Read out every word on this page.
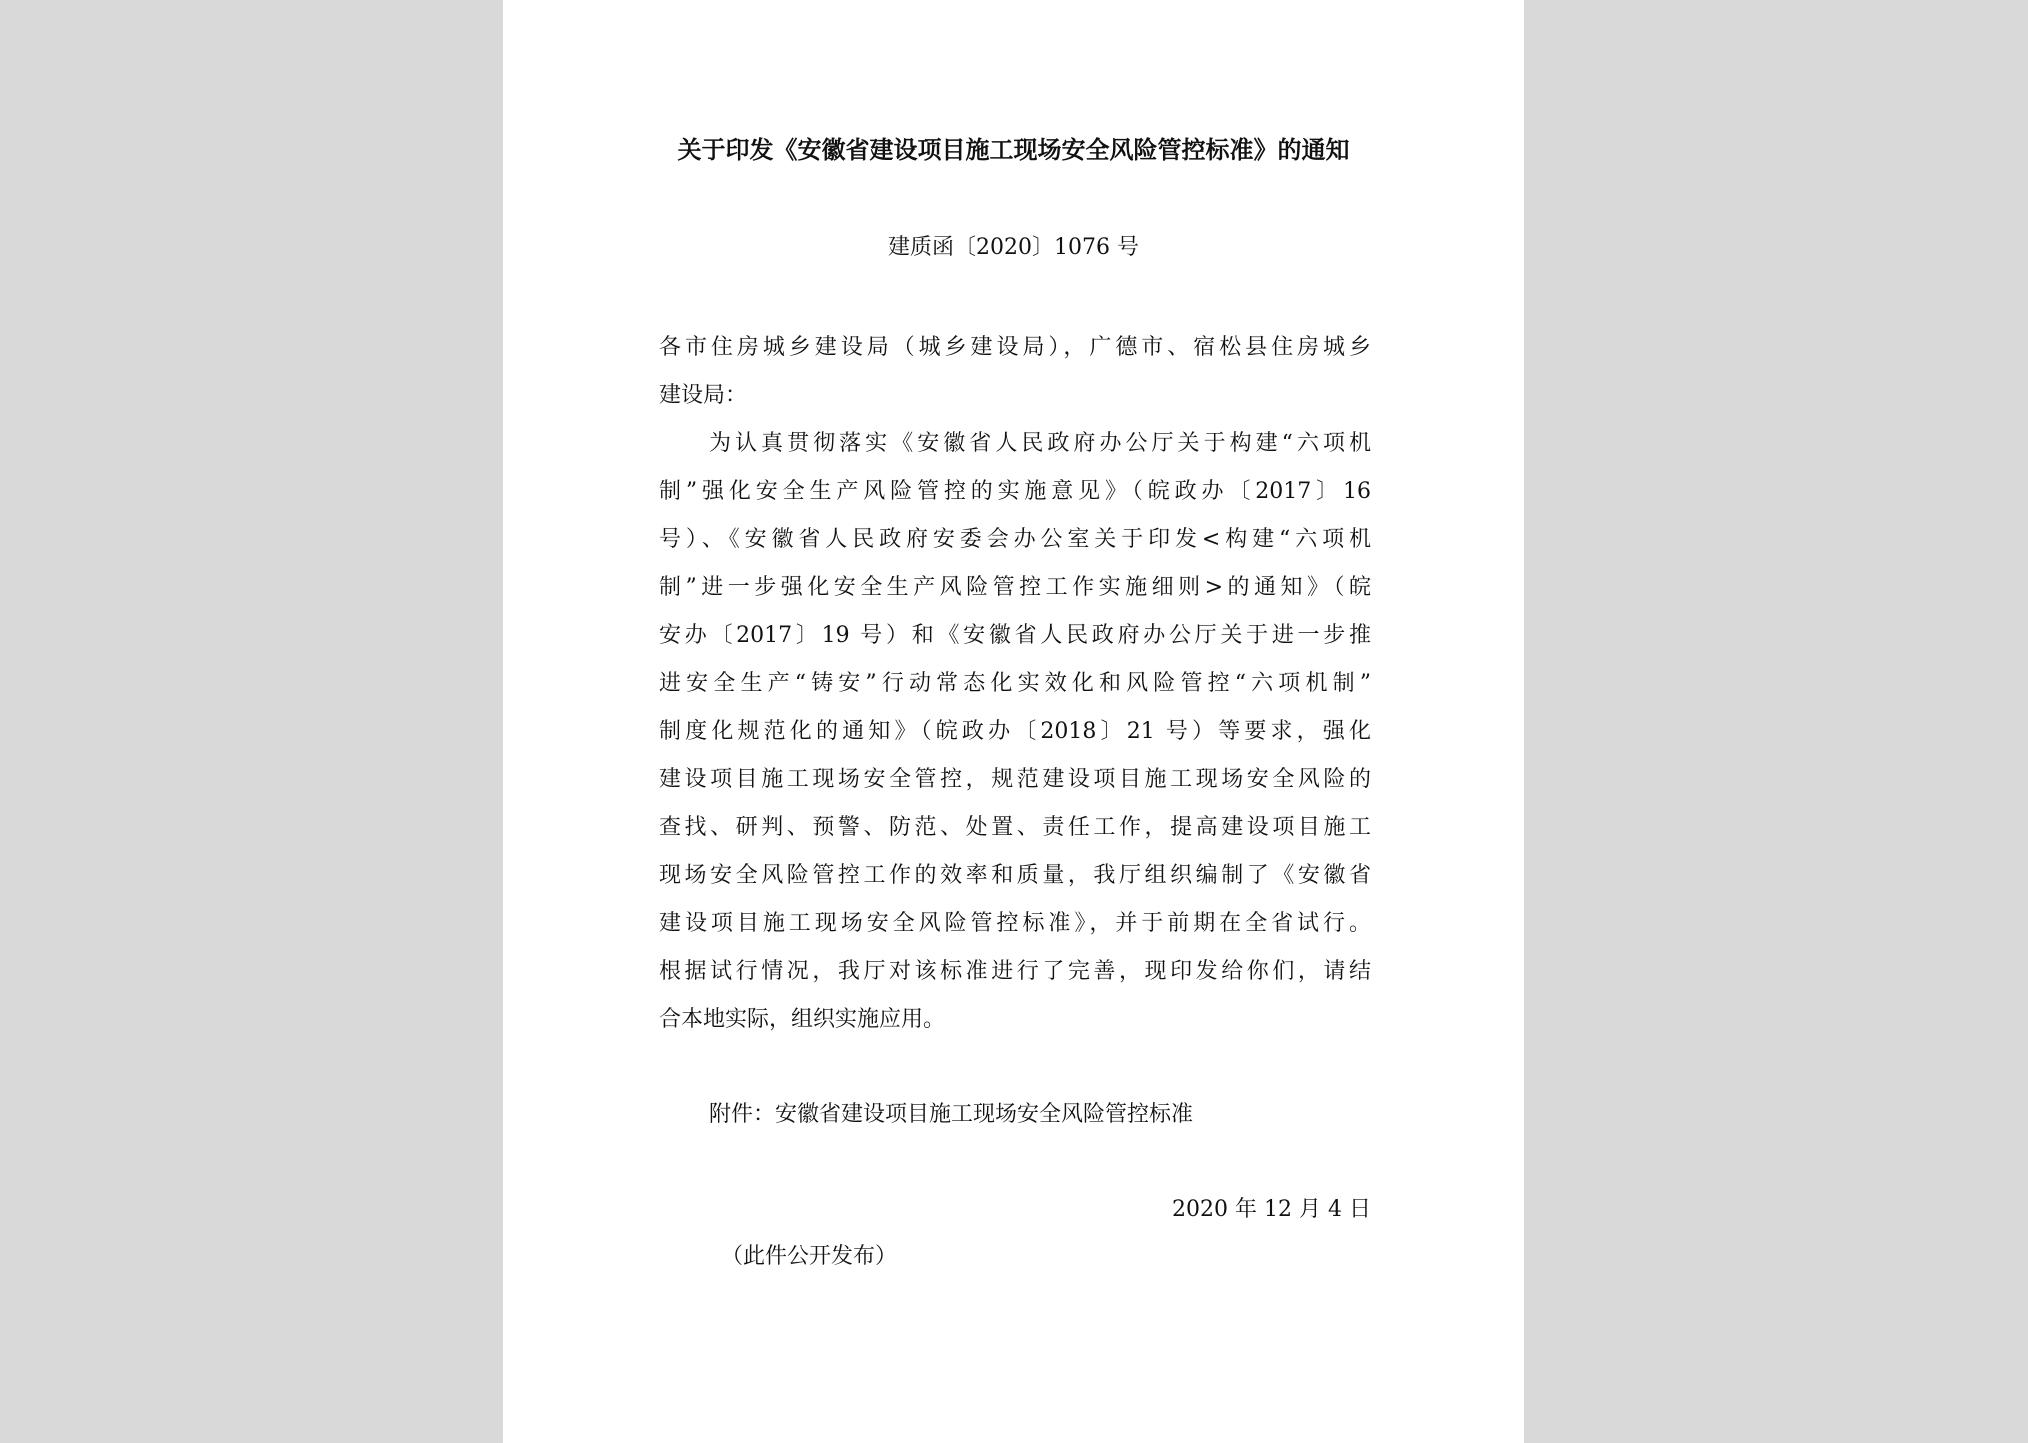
关于印发《安徽省建设项目施工现场安全风险管控标准》的通知
建质函〔2020〕1076 号
各市住房城乡建设局（城乡建设局），广德市、宿松县住房城乡
建设局：
为认真贯彻落实《安徽省人民政府办公厅关于构建“六项机
制”强化安全生产风险管控的实施意见》（皖政办〔2017〕16
号）、《安徽省人民政府安委会办公室关于印发<构建“六项机
制”进一步强化安全生产风险管控工作实施细则>的通知》（皖
安办〔2017〕19 号）和《安徽省人民政府办公厅关于进一步推
进安全生产“铸安”行动常态化实效化和风险管控“六项机制”
制度化规范化的通知》（皖政办〔2018〕21 号）等要求，强化
建设项目施工现场安全管控，规范建设项目施工现场安全风险的
查找、研判、预警、防范、处置、责任工作，提高建设项目施工
现场安全风险管控工作的效率和质量，我厅组织编制了《安徽省
建设项目施工现场安全风险管控标准》，并于前期在全省试行。
根据试行情况，我厅对该标准进行了完善，现印发给你们，请结
合本地实际，组织实施应用。
附件：安徽省建设项目施工现场安全风险管控标准
2020 年 12 月 4 日
（此件公开发布）
